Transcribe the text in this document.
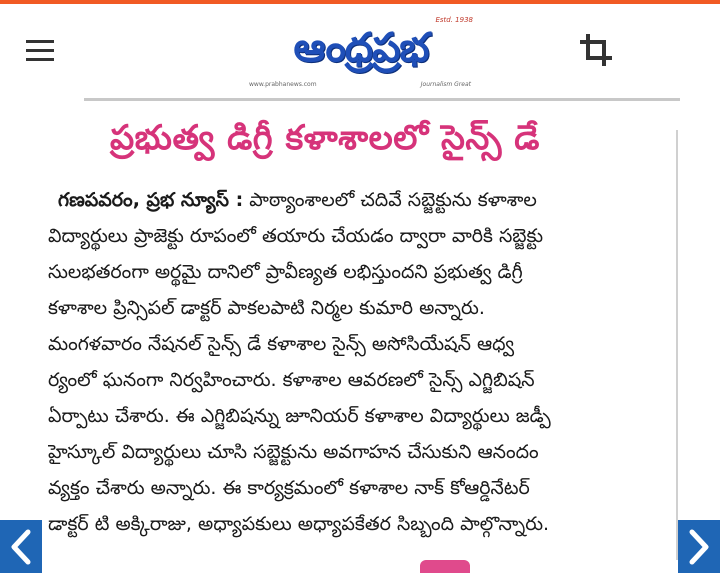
Estd. 1938
ఆంధ్రప్రభ
www.prabhanews.com	Journalism Great
ప్రభుత్వ డిగ్రీ కళాశాలలో సైన్స్ డే
గణపవరం, ప్రభ న్యూస్ : పాఠ్యాంశాలలో చదివే సబ్జెక్టును కళాశాల
విద్యార్థులు ప్రాజెక్టు రూపంలో తయారు చేయడం ద్వారా వారికి సబ్జెక్టు
సులభతరంగా అర్థమై దానిలో ప్రావీణ్యత లభిస్తుందని ప్రభుత్వ డిగ్రీ
కళాశాల ప్రిన్సిపల్ డాక్టర్ పాకలపాటి నిర్మల కుమారి అన్నారు.
మంగళవారం నేషనల్ సైన్స్ డే కళాశాల సైన్స్ అసోసియేషన్ ఆధ్వ
ర్యంలో ఘనంగా నిర్వహించారు. కళాశాల ఆవరణలో సైన్స్ ఎగ్జిబిషన్
ఏర్పాటు చేశారు. ఈ ఎగ్జిబిషన్ను జూనియర్ కళాశాల విద్యార్థులు జడ్పీ
హైస్కూల్ విద్యార్థులు చూసి సబ్జెక్టును అవగాహన చేసుకుని ఆనందం
వ్యక్తం చేశారు అన్నారు. ఈ కార్యక్రమంలో కళాశాల నాక్ కోఆర్డినేటర్
డాక్టర్ టి అక్కిరాజు, అధ్యాపకులు అధ్యాపకేతర సిబ్బంది పాల్గొన్నారు.
